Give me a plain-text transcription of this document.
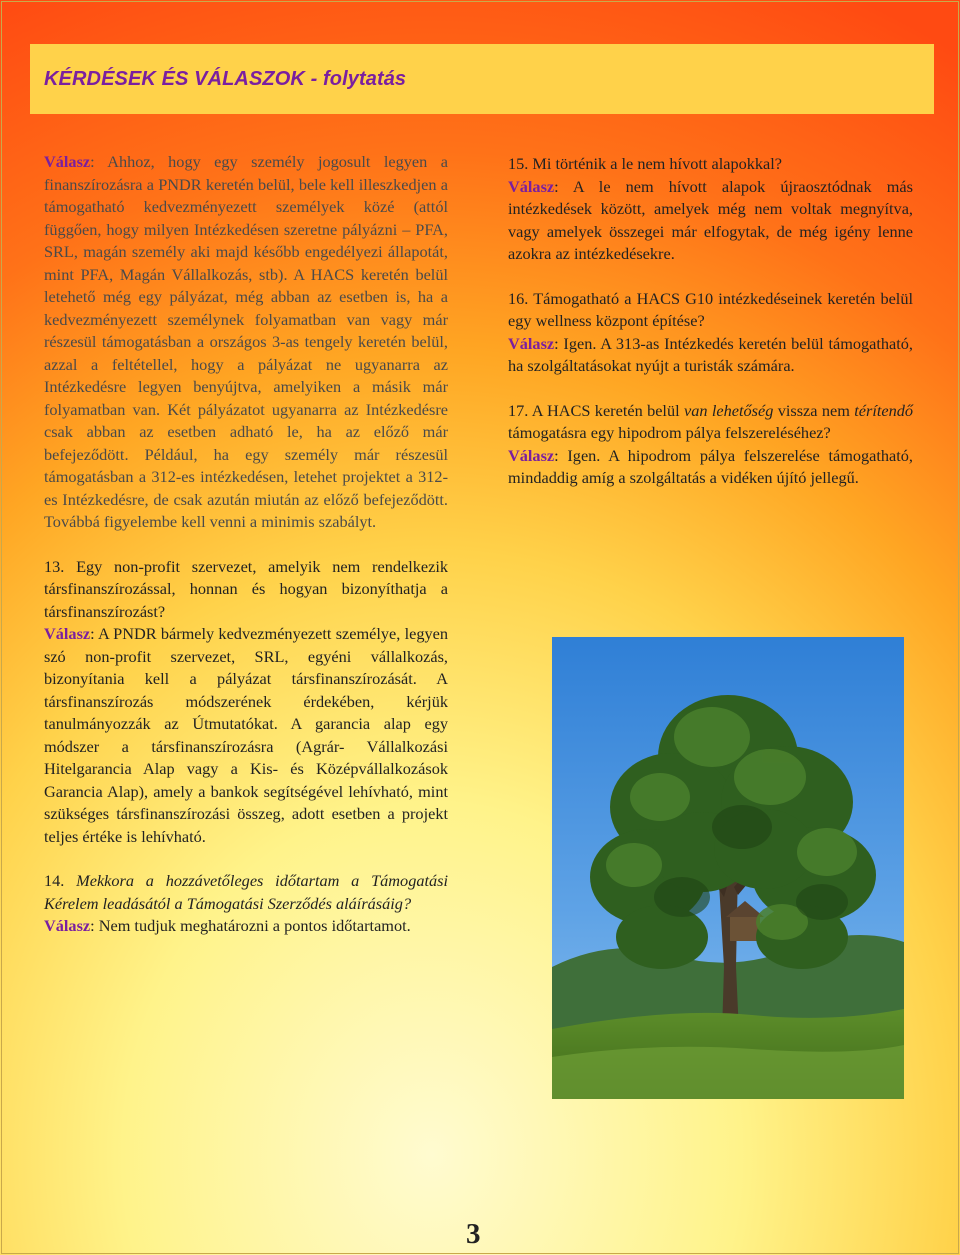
KÉRDÉSEK ÉS VÁLASZOK - folytatás

Válasz: Ahhoz, hogy egy személy jogosult legyen a finanszírozásra a PNDR keretén belül, bele kell illeszkedjen a támogatható kedvezményezett személyek közé (attól függően, hogy milyen Intézkedésen szeretne pályázni – PFA, SRL, magán személy aki majd később engedélyezi állapotát, mint PFA, Magán Vállalkozás, stb). A HACS keretén belül letehető még egy pályázat, még abban az esetben is, ha a kedvezményezett személynek folyamatban van vagy már részesül támogatásban a országos 3-as tengely keretén belül, azzal a feltétellel, hogy a pályázat ne ugyanarra az Intézkedésre legyen benyújtva, amelyiken a másik már folyamatban van. Két pályázatot ugyanarra az Intézkedésre csak abban az esetben adható le, ha az előző már befejeződött. Például, ha egy személy már részesül támogatásban a 312-es intézkedésen, letehet projektet a 312-es Intézkedésre, de csak azután miután az előző befejeződött. Továbbá figyelembe kell venni a minimis szabályt.

13. Egy non-profit szervezet, amelyik nem rendelkezik társfinanszírozással, honnan és hogyan bizonyíthatja a társfinanszírozást?
Válasz: A PNDR bármely kedvezményezett személye, legyen szó non-profit szervezet, SRL, egyéni vállalkozás, bizonyítania kell a pályázat társfinanszírozását. A társfinanszírozás módszerének érdekében, kérjük tanulmányozzák az Útmutatókat. A garancia alap egy módszer a társfinanszírozásra (Agrár- Vállalkozási Hitelgarancia Alap vagy a Kis- és Középvállalkozások Garancia Alap), amely a bankok segítségével lehívható, mint szükséges társfinanszírozási összeg, adott esetben a projekt teljes értéke is lehívható.

14. Mekkora a hozzávetőleges időtartam a Támogatási Kérelem leadásától a Támogatási Szerződés aláírásáig?
Válasz: Nem tudjuk meghatározni a pontos időtartamot.

15. Mi történik a le nem hívott alapokkal?
Válasz: A le nem hívott alapok újraosztódnak más intézkedések között, amelyek még nem voltak megnyítva, vagy amelyek összegei már elfogytak, de még igény lenne azokra az intézkedésekre.

16. Támogatható a HACS G10 intézkedéseinek keretén belül egy wellness központ építése?
Válasz: Igen. A 313-as Intézkedés keretén belül támogatható, ha szolgáltatásokat nyújt a turisták számára.

17. A HACS keretén belül van lehetőség vissza nem térítendő támogatásra egy hipodrom pálya felszereléséhez?
Válasz: Igen. A hipodrom pálya felszerelése támogatható, mindaddig amíg a szolgáltatás a vidéken újító jellegű.

3
